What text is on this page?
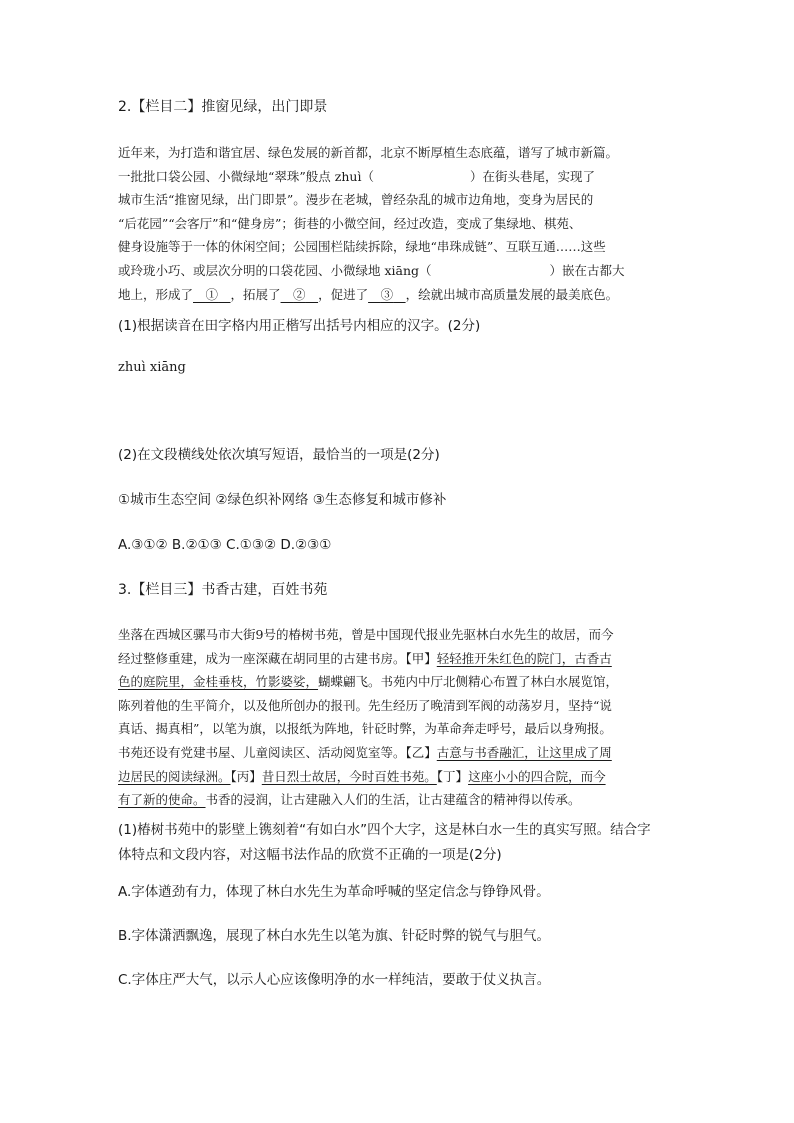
2.【栏目二】推窗见绿，出门即景
近年来，为打造和谐宜居、绿色发展的新首都，北京不断厚植生态底蕴，谱写了城市新篇。
一批批口袋公园、小微绿地“翠珠”般点 zhuì（	）在街头巷尾，实现了
城市生活“推窗见绿，出门即景”。漫步在老城，曾经杂乱的城市边角地，变身为居民的
“后花园”“会客厅”和“健身房”；街巷的小微空间，经过改造，变成了集绿地、棋苑、
健身设施等于一体的休闲空间；公园围栏陆续拆除，绿地“串珠成链”、互联互通……这些
或玲珑小巧、或层次分明的口袋花园、小微绿地 xiāng（	）嵌在古都大
地上，形成了  ①  ，拓展了  ②  ，促进了  ③  ，绘就出城市高质量发展的最美底色。
(1)根据读音在田字格内用正楷写出括号内相应的汉字。(2分)
zhuì xiāng
(2)在文段横线处依次填写短语，最恰当的一项是(2分)
①城市生态空间 ②绿色织补网络 ③生态修复和城市修补
A.③①② B.②①③ C.①③② D.②③①
3.【栏目三】书香古建，百姓书苑
坐落在西城区骡马市大街9号的椿树书苑，曾是中国现代报业先驱林白水先生的故居，而今
经过整修重建，成为一座深藏在胡同里的古建书房。【甲】轻轻推开朱红色的院门，古香古
色的庭院里，金桂垂枝，竹影婆娑，蝴蝶翩飞。书苑内中厅北侧精心布置了林白水展览馆，
陈列着他的生平简介，以及他所创办的报刊。先生经历了晚清到军阀的动荡岁月，坚持“说
真话、揭真相”，以笔为旗，以报纸为阵地，针砭时弊，为革命奔走呼号，最后以身殉报。
书苑还设有党建书屋、儿童阅读区、活动阅览室等。【乙】古意与书香融汇，让这里成了周
边居民的阅读绿洲。【丙】昔日烈士故居，今时百姓书苑。【丁】这座小小的四合院，而今
有了新的使命。书香的浸润，让古建融入人们的生活，让古建蕴含的精神得以传承。
(1)椿树书苑中的影壁上镌刻着“有如白水”四个大字，这是林白水一生的真实写照。结合字
体特点和文段内容，对这幅书法作品的欣赏不正确的一项是(2分)
A.字体遒劲有力，体现了林白水先生为革命呼喊的坚定信念与铮铮风骨。
B.字体潇洒飘逸，展现了林白水先生以笔为旗、针砭时弊的锐气与胆气。
C.字体庄严大气，以示人心应该像明净的水一样纯洁，要敢于仗义执言。
